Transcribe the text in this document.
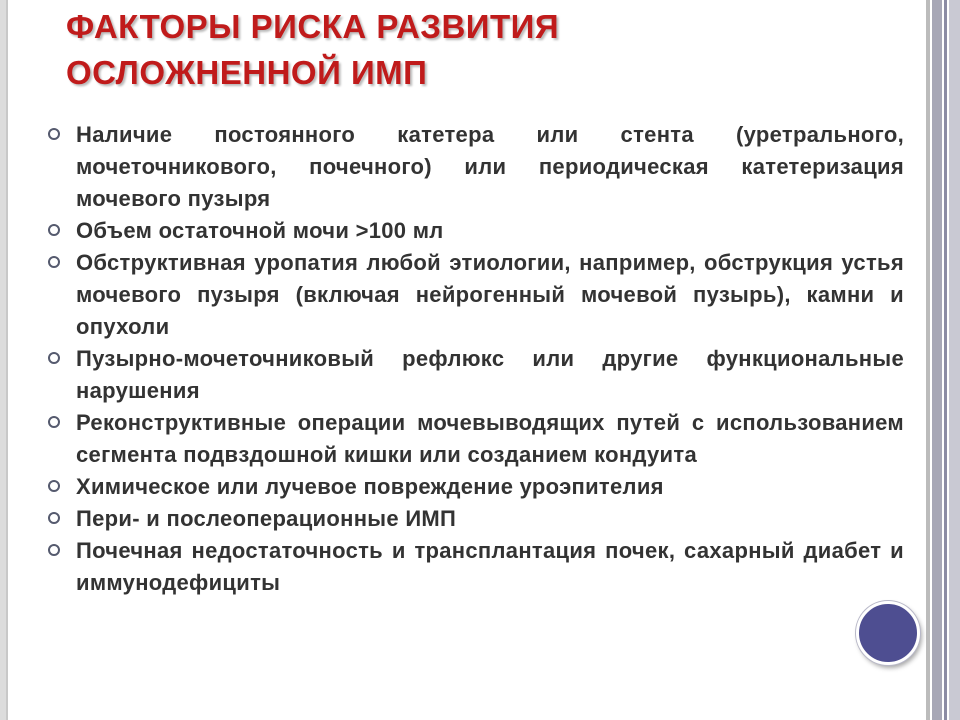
ФАКТОРЫ РИСКА РАЗВИТИЯ
ОСЛОЖНЕННОЙ ИМП
Наличие постоянного катетера или стента (уретрального, мочеточникового, почечного) или периодическая катетеризация мочевого пузыря
Объем остаточной мочи >100 мл
Обструктивная уропатия любой этиологии, например, обструкция устья мочевого пузыря (включая нейрогенный мочевой пузырь), камни и опухоли
Пузырно-мочеточниковый рефлюкс или другие функциональные нарушения
Реконструктивные операции мочевыводящих путей с использованием сегмента подвздошной кишки или созданием кондуита
Химическое или лучевое повреждение уроэпителия
Пери- и послеоперационные ИМП
Почечная недостаточность и трансплантация почек, сахарный диабет и иммунодефициты
